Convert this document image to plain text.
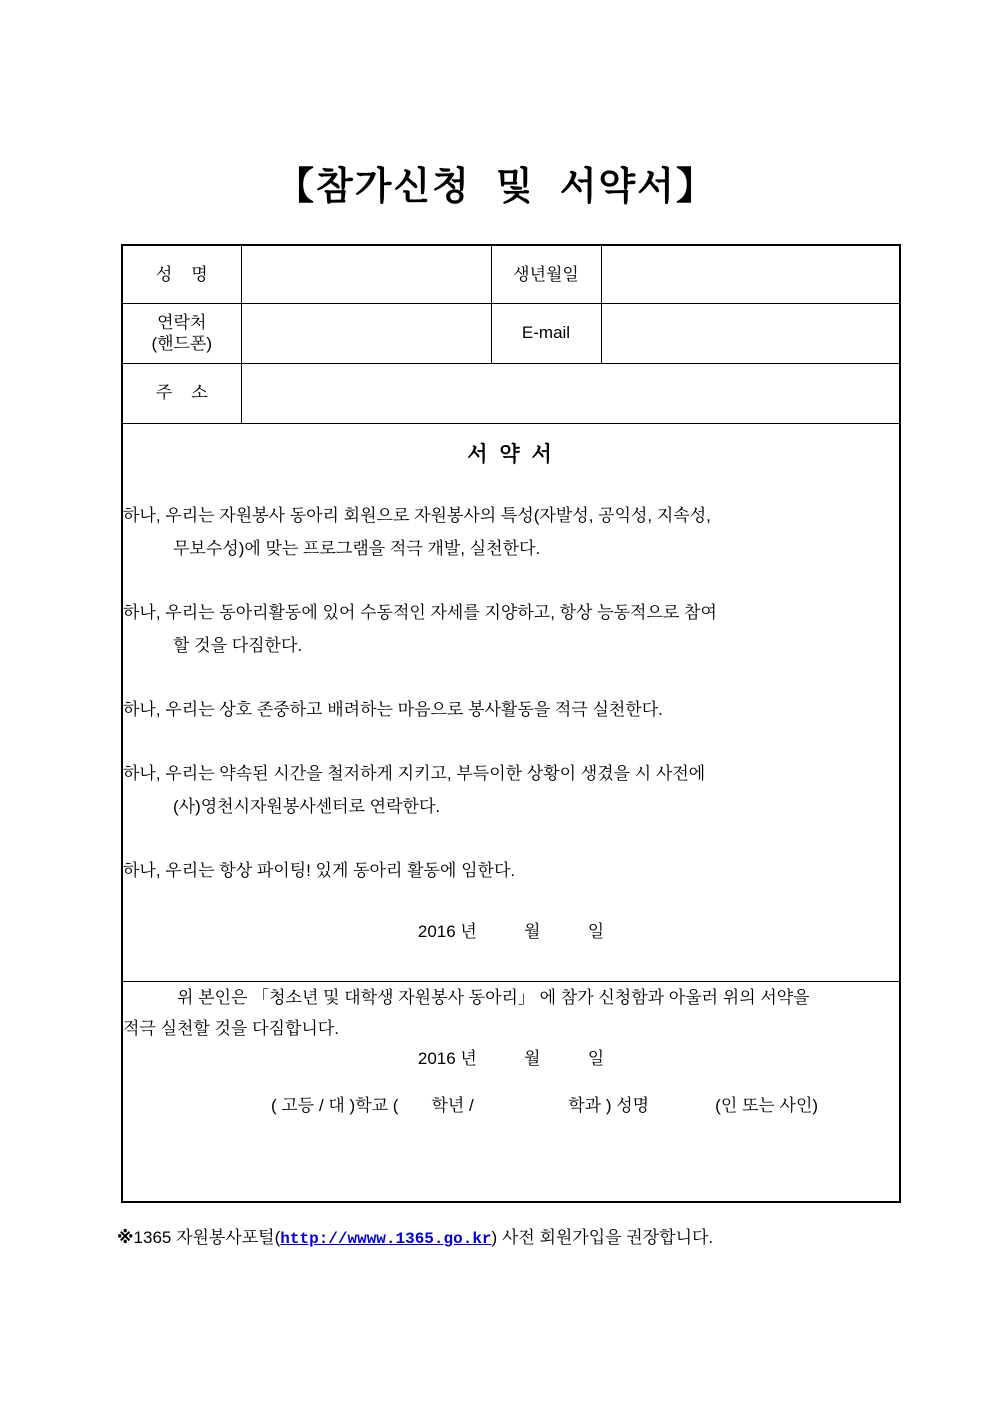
【참가신청  및  서약서】
성    명		생년월일	

연락처
(핸드폰)		E-mail	
주    소			

서 약 서
하나, 우리는 자원봉사 동아리 회원으로 자원봉사의 특성(자발성, 공익성, 지속성,
무보수성)에 맞는 프로그램을 적극 개발, 실천한다.
하나, 우리는 동아리활동에 있어 수동적인 자세를 지양하고, 항상 능동적으로 참여
할 것을 다짐한다.
하나, 우리는 상호 존중하고 배려하는 마음으로 봉사활동을 적극 실천한다.
하나, 우리는 약속된 시간을 철저하게 지키고, 부득이한 상황이 생겼을 시 사전에
(사)영천시자원봉사센터로 연락한다.
하나, 우리는 항상 파이팅! 있게 동아리 활동에 임한다.
2016 년          월          일

위 본인은 「청소년 및 대학생 자원봉사 동아리」 에 참가 신청함과 아울러 위의 서약을
적극 실천할 것을 다짐합니다.
2016 년          월          일
( 고등 / 대 )학교 (       학년 /                    학과 ) 성명              (인 또는 사인)			
※1365 자원봉사포털(http://wwww.1365.go.kr) 사전 회원가입을 권장합니다.
